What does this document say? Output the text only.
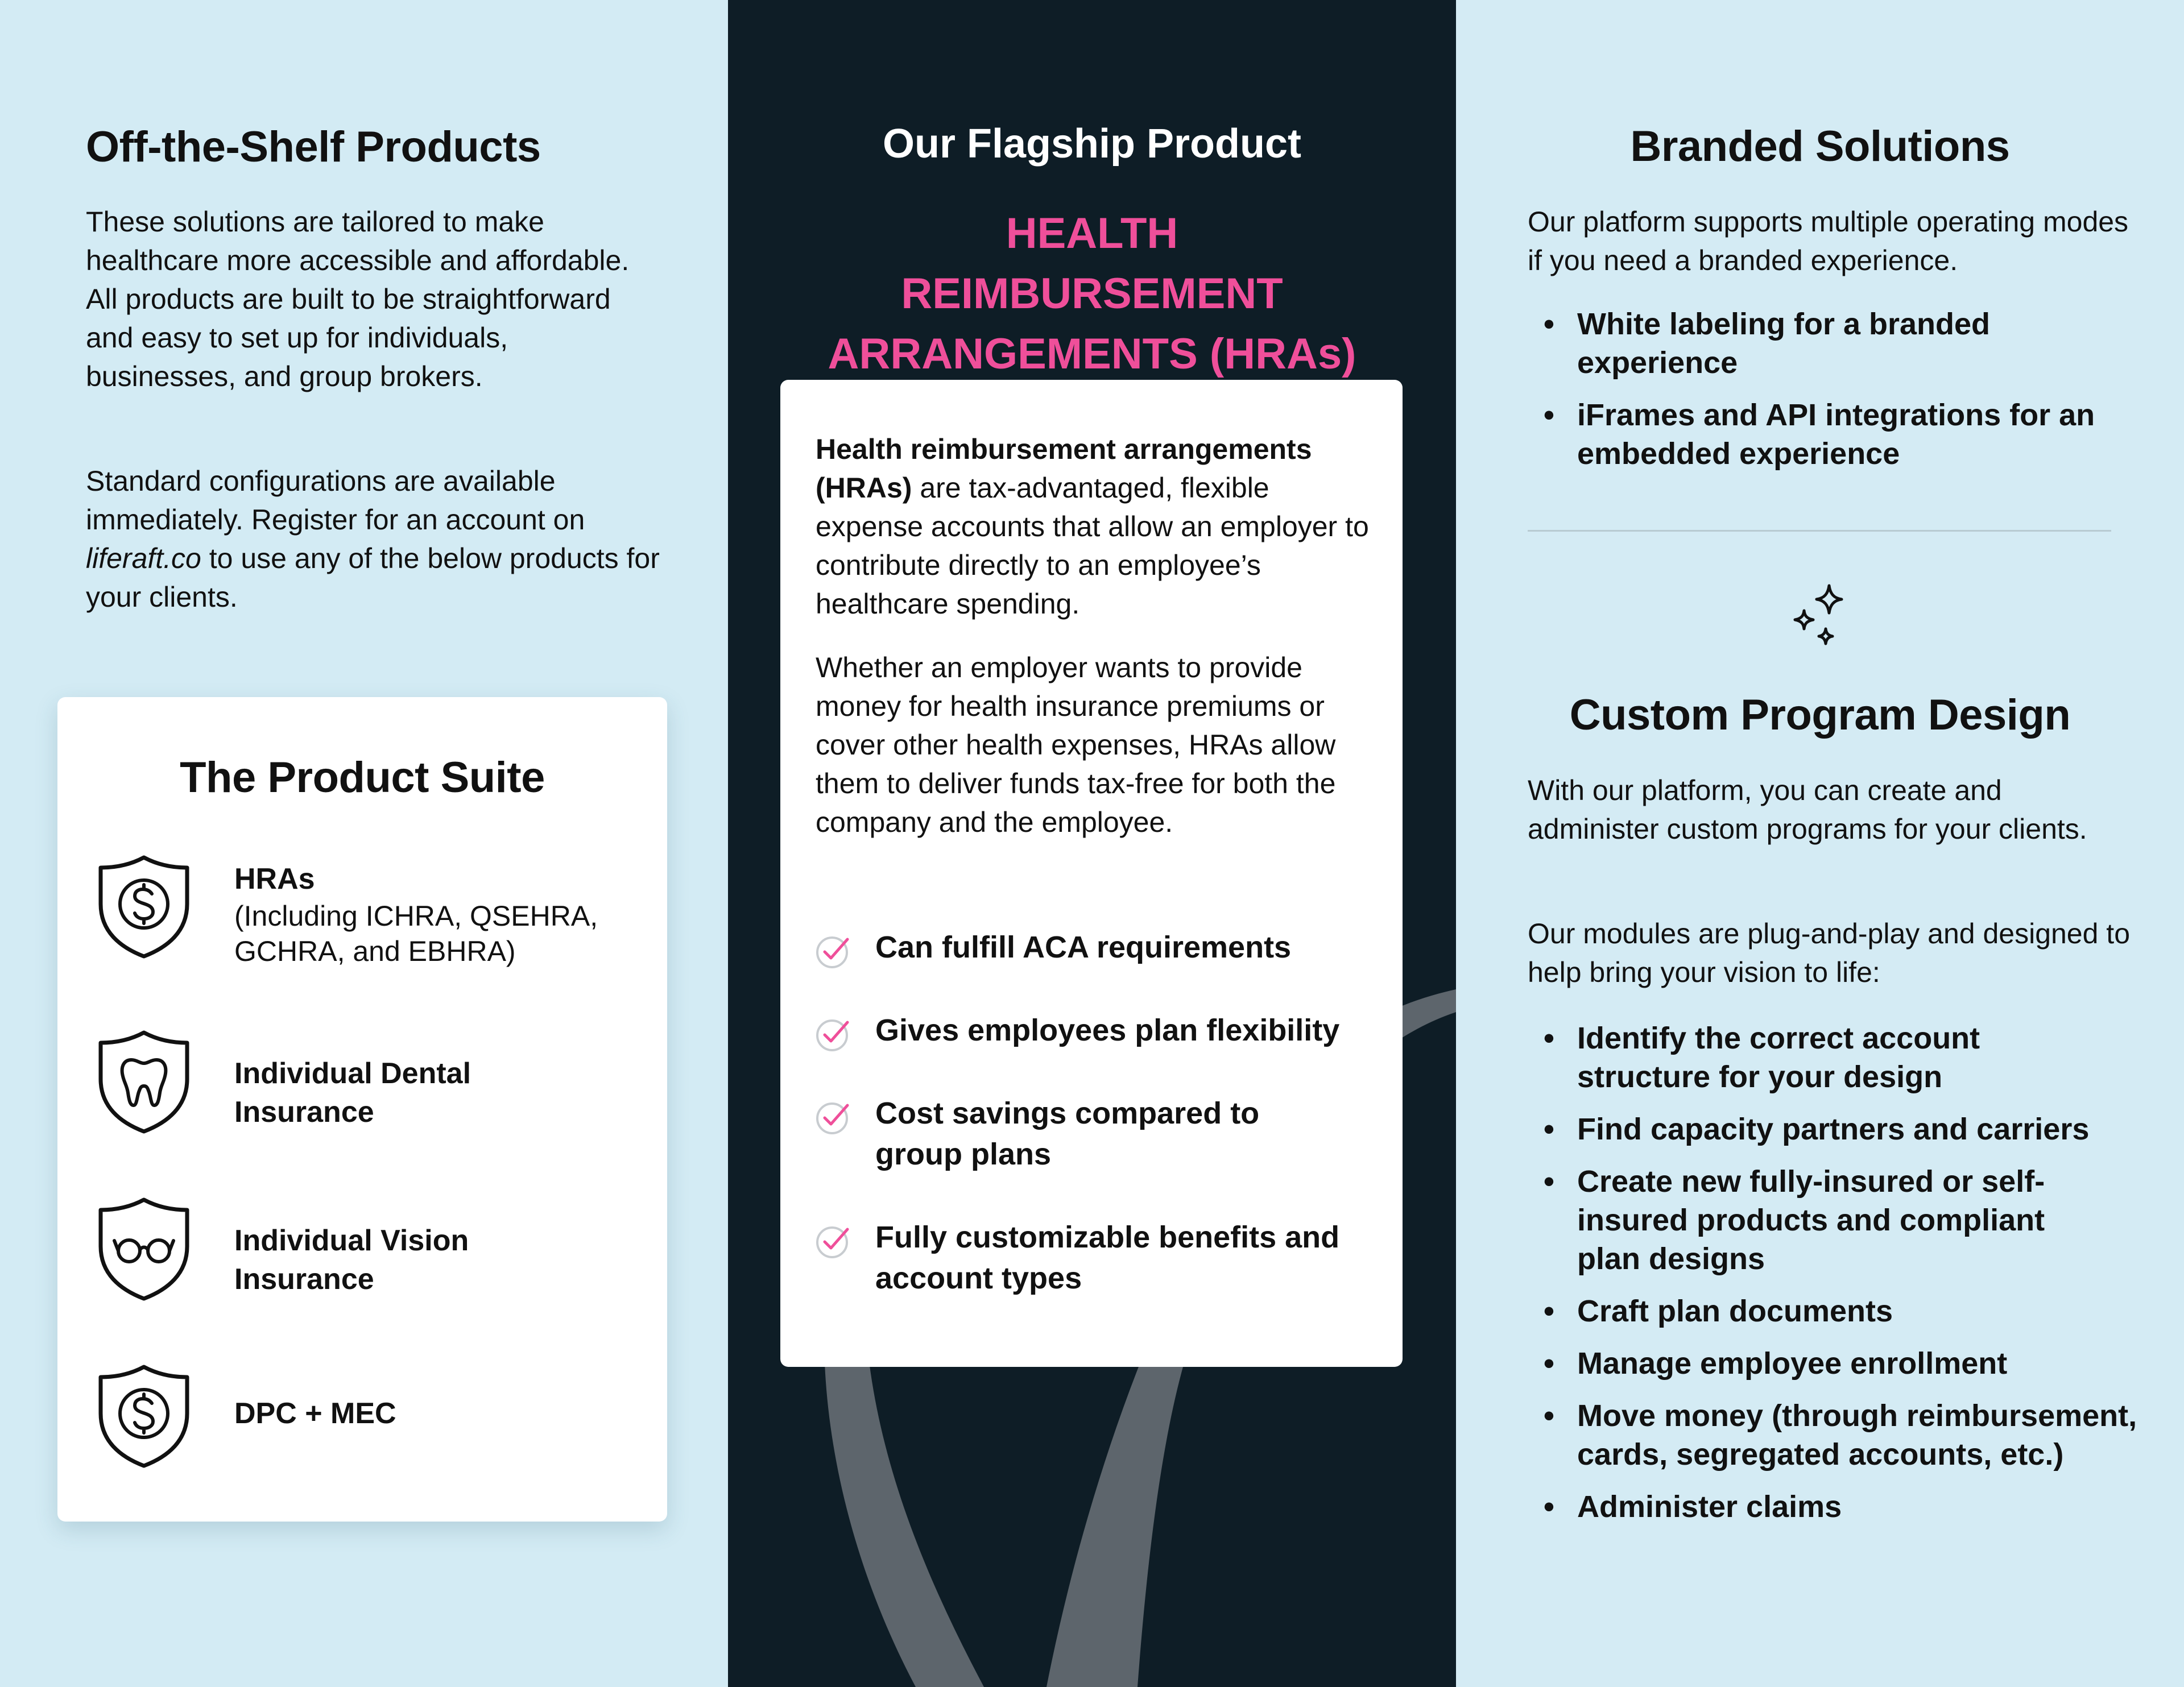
Off-the-Shelf Products

These solutions are tailored to make healthcare more accessible and affordable. All products are built to be straightforward and easy to set up for individuals, businesses, and group brokers.

Standard configurations are available immediately. Register for an account on liferaft.co to use any of the below products for your clients.

The Product Suite
HRAs
(Including ICHRA, QSEHRA, GCHRA, and EBHRA)
Individual Dental Insurance
Individual Vision Insurance
DPC + MEC
Our Flagship Product
HEALTH REIMBURSEMENT ARRANGEMENTS (HRAs)

Health reimbursement arrangements (HRAs) are tax-advantaged, flexible expense accounts that allow an employer to contribute directly to an employee’s healthcare spending.

Whether an employer wants to provide money for health insurance premiums or cover other health expenses, HRAs allow them to deliver funds tax-free for both the company and the employee.

Can fulfill ACA requirements
Gives employees plan flexibility
Cost savings compared to group plans
Fully customizable benefits and account types
Branded Solutions

Our platform supports multiple operating modes if you need a branded experience.

• White labeling for a branded experience
• iFrames and API integrations for an embedded experience
Custom Program Design

With our platform, you can create and administer custom programs for your clients.

Our modules are plug-and-play and designed to help bring your vision to life:

• Identify the correct account structure for your design
• Find capacity partners and carriers
• Create new fully-insured or self-insured products and compliant plan designs
• Craft plan documents
• Manage employee enrollment
• Move money (through reimbursement, cards, segregated accounts, etc.)
• Administer claims
